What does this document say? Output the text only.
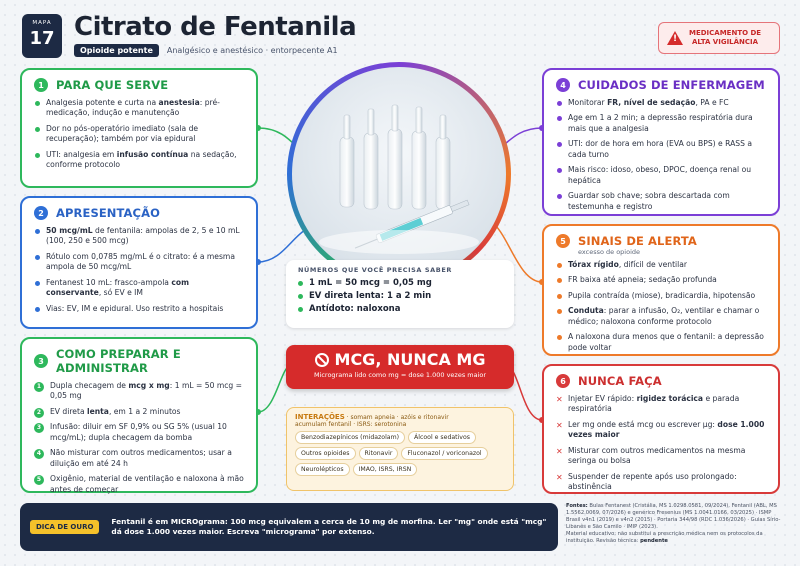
MAPA
17 Citrato de Fentanila
Opioide potente	Analgésico e anestésico · entorpecente A1
!
MEDICAMENTO DE
ALTA VIGILÂNCIA
1	PARA QUE SERVE
Analgesia potente e curta na anestesia: pré-medicação, indução e manutenção
Dor no pós-operatório imediato (sala de recuperação); também por via epidural
UTI: analgesia em infusão contínua na sedação, conforme protocolo
2	APRESENTAÇÃO
50 mcg/mL de fentanila: ampolas de 2, 5 e 10 mL (100, 250 e 500 mcg)
Rótulo com 0,0785 mg/mL é o citrato: é a mesma ampola de 50 mcg/mL
Fentanest 10 mL: frasco-ampola com conservante, só EV e IM
Vias: EV, IM e epidural. Uso restrito a hospitais
3	COMO PREPARAR E ADMINISTRAR
1	Dupla checagem de mcg x mg: 1 mL = 50 mcg = 0,05 mg
2	EV direta lenta, em 1 a 2 minutos
3	Infusão: diluir em SF 0,9% ou SG 5% (usual 10 mcg/mL); dupla checagem da bomba
4	Não misturar com outros medicamentos; usar a diluição em até 24 h
5	Oxigênio, material de ventilação e naloxona à mão antes de começar
4	CUIDADOS DE ENFERMAGEM
Monitorar FR, nível de sedação, PA e FC
Age em 1 a 2 min; a depressão respiratória dura mais que a analgesia
UTI: dor de hora em hora (EVA ou BPS) e RASS a cada turno
Mais risco: idoso, obeso, DPOC, doença renal ou hepática
Guardar sob chave; sobra descartada com testemunha e registro
5	SINAIS DE ALERTA
excesso de opioide
Tórax rígido, difícil de ventilar
FR baixa até apneia; sedação profunda
Pupila contraída (miose), bradicardia, hipotensão
Conduta: parar a infusão, O₂, ventilar e chamar o médico; naloxona conforme protocolo
A naloxona dura menos que o fentanil: a depressão pode voltar
6	NUNCA FAÇA
✕ Injetar EV rápido: rigidez torácica e parada respiratória
✕ Ler mg onde está mcg ou escrever µg: dose 1.000 vezes maior
✕ Misturar com outros medicamentos na mesma seringa ou bolsa
✕ Suspender de repente após uso prolongado: abstinência
NÚMEROS QUE VOCÊ PRECISA SABER
1 mL = 50 mcg = 0,05 mg
EV direta lenta: 1 a 2 min
Antídoto: naloxona
MCG, NUNCA MG
Micrograma lido como mg = dose 1.000 vezes maior
INTERAÇÕES · somam apneia · azóis e ritonavir
acumulam fentanil · ISRS: serotonina
Benzodiazepínicos (midazolam)	Álcool e sedativos
Outros opioides	Ritonavir	Fluconazol / voriconazol
Neurolépticos	IMAO, ISRS, IRSN
DICA DE OURO
Fentanil é em MICROgrama: 100 mcg equivalem a cerca de 10 mg de morfina. Ler "mg" onde está "mcg" dá dose 1.000 vezes maior. Escreva "micrograma" por extenso.
Fontes: Bulas Fentanest (Cristália, MS 1.0298.0581, 09/2024), Fentanil (ABL, MS 1.5562.0069, 07/2026) e genérico Fresenius (MS 1.0041.0166, 03/2025) · ISMP Brasil v4n1 (2019) e v4n2 (2015) · Portaria 344/98 (RDC 1.036/2026) · Guias Sírio-Libanês e São Camilo · IMIP (2023).
Material educativo: não substitui a prescrição médica nem os protocolos da instituição. Revisão técnica: pendente
